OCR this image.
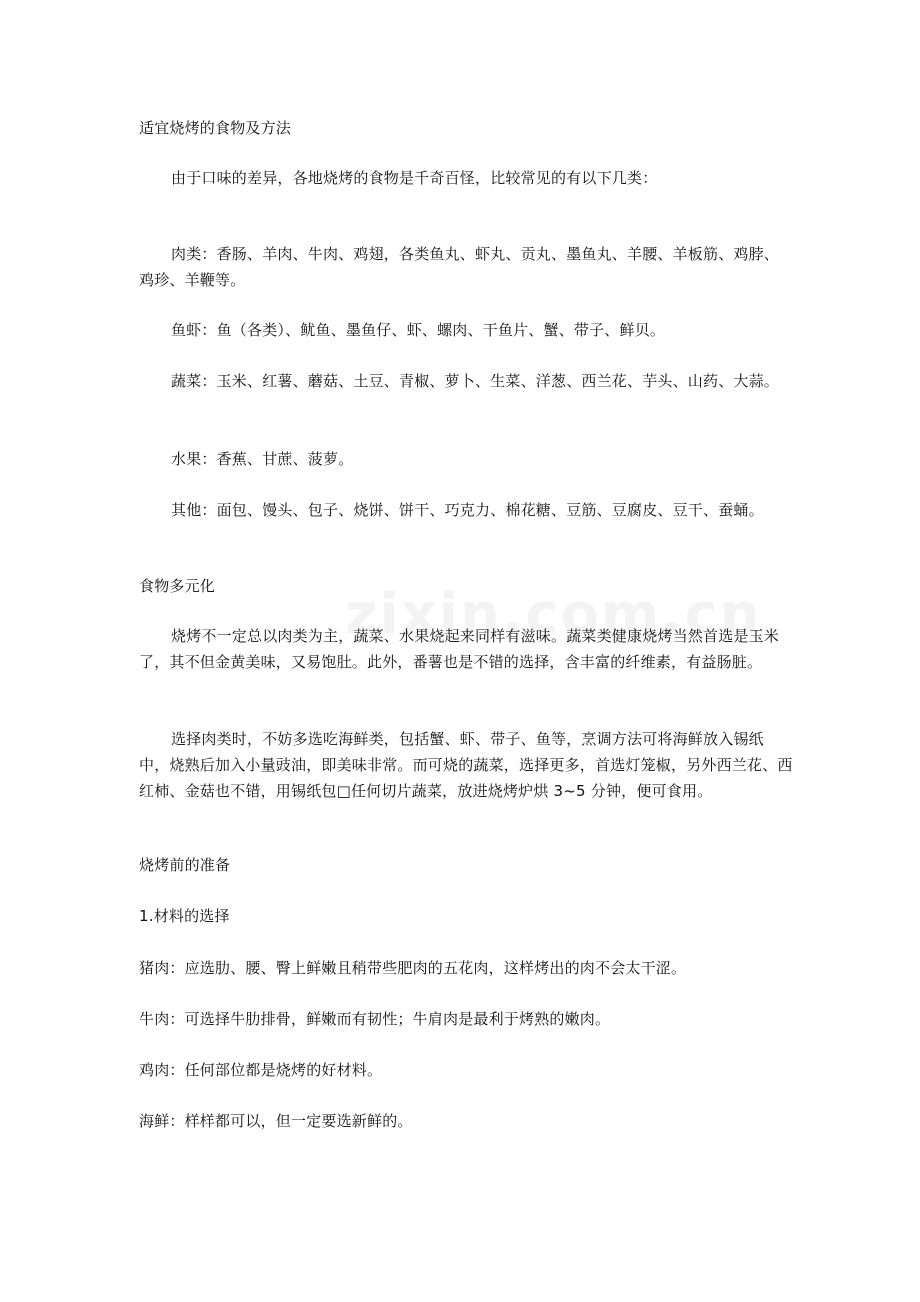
适宜烧烤的食物及方法
由于口味的差异，各地烧烤的食物是千奇百怪，比较常见的有以下几类：
肉类：香肠、羊肉、牛肉、鸡翅，各类鱼丸、虾丸、贡丸、墨鱼丸、羊腰、羊板筋、鸡脖、鸡珍、羊鞭等。
鱼虾：鱼（各类）、鱿鱼、墨鱼仔、虾、螺肉、干鱼片、蟹、带子、鲜贝。
蔬菜：玉米、红薯、蘑菇、土豆、青椒、萝卜、生菜、洋葱、西兰花、芋头、山药、大蒜。
水果：香蕉、甘蔗、菠萝。
其他：面包、馒头、包子、烧饼、饼干、巧克力、棉花糖、豆筋、豆腐皮、豆干、蚕蛹。
食物多元化
烧烤不一定总以肉类为主，蔬菜、水果烧起来同样有滋味。蔬菜类健康烧烤当然首选是玉米了，其不但金黄美味，又易饱肚。此外，番薯也是不错的选择，含丰富的纤维素，有益肠脏。
选择肉类时，不妨多选吃海鲜类，包括蟹、虾、带子、鱼等，烹调方法可将海鲜放入锡纸中，烧熟后加入小量豉油，即美味非常。而可烧的蔬菜，选择更多，首选灯笼椒，另外西兰花、西红柿、金菇也不错，用锡纸包□任何切片蔬菜，放进烧烤炉烘 3~5 分钟，便可食用。
烧烤前的准备
1.材料的选择
猪肉：应选肋、腰、臀上鲜嫩且稍带些肥肉的五花肉，这样烤出的肉不会太干涩。
牛肉：可选择牛肋排骨，鲜嫩而有韧性；牛肩肉是最利于烤熟的嫩肉。
鸡肉：任何部位都是烧烤的好材料。
海鲜：样样都可以，但一定要选新鲜的。
